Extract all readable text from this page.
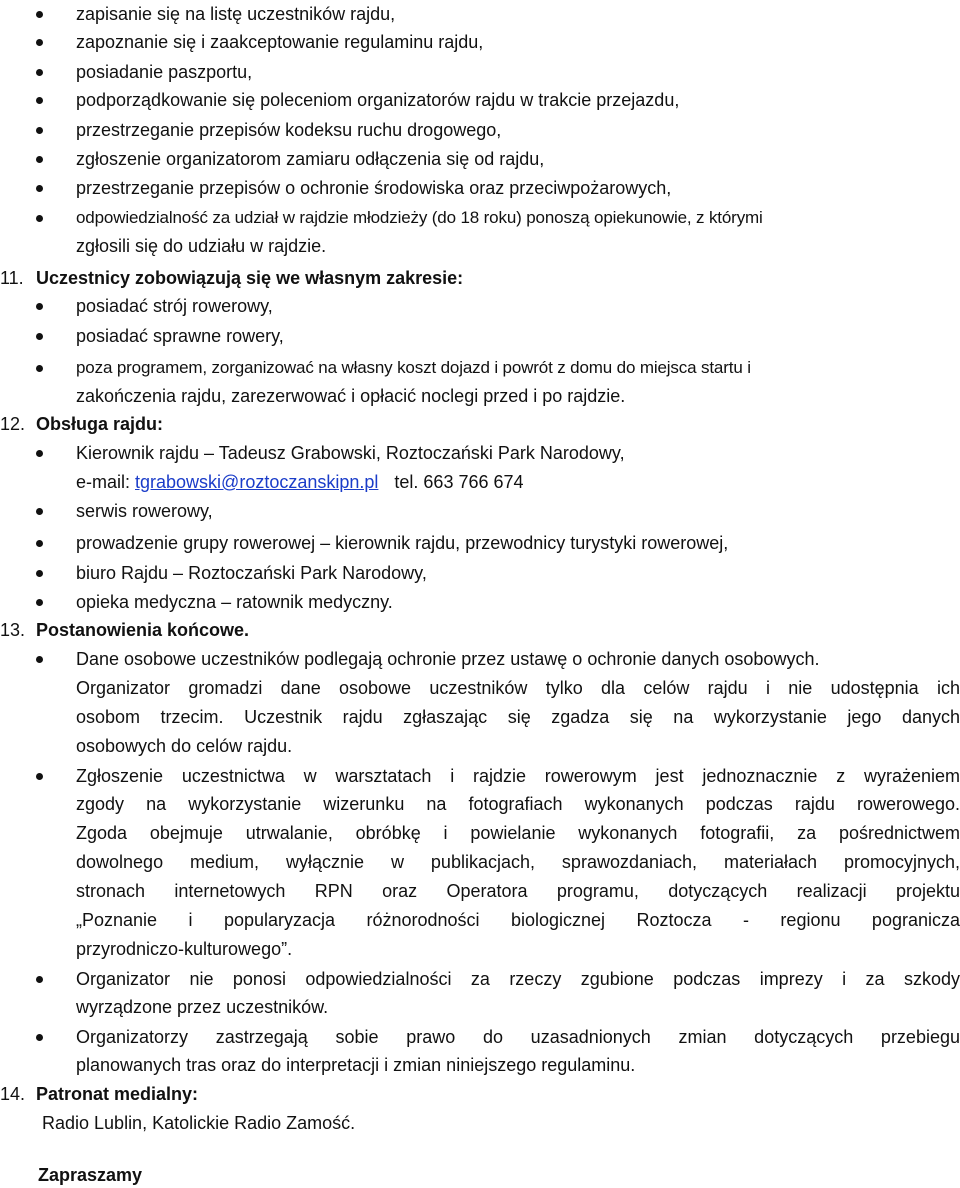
zapisanie się na listę uczestników rajdu,
zapoznanie się i zaakceptowanie regulaminu rajdu,
posiadanie paszportu,
podporządkowanie się poleceniom organizatorów rajdu w trakcie przejazdu,
przestrzeganie przepisów kodeksu ruchu drogowego,
zgłoszenie organizatorom zamiaru odłączenia się od rajdu,
przestrzeganie przepisów o ochronie środowiska oraz przeciwpożarowych,
odpowiedzialność za udział w rajdzie młodzieży (do 18 roku) ponoszą opiekunowie, z którymi
zgłosili się do udziału w rajdzie.
11. Uczestnicy zobowiązują się we własnym zakresie:
posiadać strój rowerowy,
posiadać sprawne rowery,
poza programem, zorganizować na własny koszt dojazd i powrót z domu do miejsca startu i
zakończenia rajdu, zarezerwować i opłacić noclegi przed i po rajdzie.
12. Obsługa rajdu:
Kierownik rajdu – Tadeusz Grabowski, Roztoczański Park Narodowy,
e-mail: tgrabowski@roztoczanskipn.pl tel. 663 766 674
serwis rowerowy,
prowadzenie grupy rowerowej – kierownik rajdu, przewodnicy turystyki rowerowej,
biuro Rajdu – Roztoczański Park Narodowy,
opieka medyczna – ratownik medyczny.
13. Postanowienia końcowe.
Dane osobowe uczestników podlegają ochronie przez ustawę o ochronie danych osobowych.
Organizator gromadzi dane osobowe uczestników tylko dla celów rajdu i nie udostępnia ich
osobom trzecim. Uczestnik rajdu zgłaszając się zgadza się na wykorzystanie jego danych
osobowych do celów rajdu.
Zgłoszenie uczestnictwa w warsztatach i rajdzie rowerowym jest jednoznacznie z wyrażeniem
zgody na wykorzystanie wizerunku na fotografiach wykonanych podczas rajdu rowerowego.
Zgoda obejmuje utrwalanie, obróbkę i powielanie wykonanych fotografii, za pośrednictwem
dowolnego medium, wyłącznie w publikacjach, sprawozdaniach, materiałach promocyjnych,
stronach internetowych RPN oraz Operatora programu, dotyczących realizacji projektu
„Poznanie i popularyzacja różnorodności biologicznej Roztocza - regionu pogranicza
przyrodniczo-kulturowego”.
Organizator nie ponosi odpowiedzialności za rzeczy zgubione podczas imprezy i za szkody
wyrządzone przez uczestników.
Organizatorzy zastrzegają sobie prawo do uzasadnionych zmian dotyczących przebiegu
planowanych tras oraz do interpretacji i zmian niniejszego regulaminu.
14. Patronat medialny:
Radio Lublin, Katolickie Radio Zamość.
Zapraszamy
